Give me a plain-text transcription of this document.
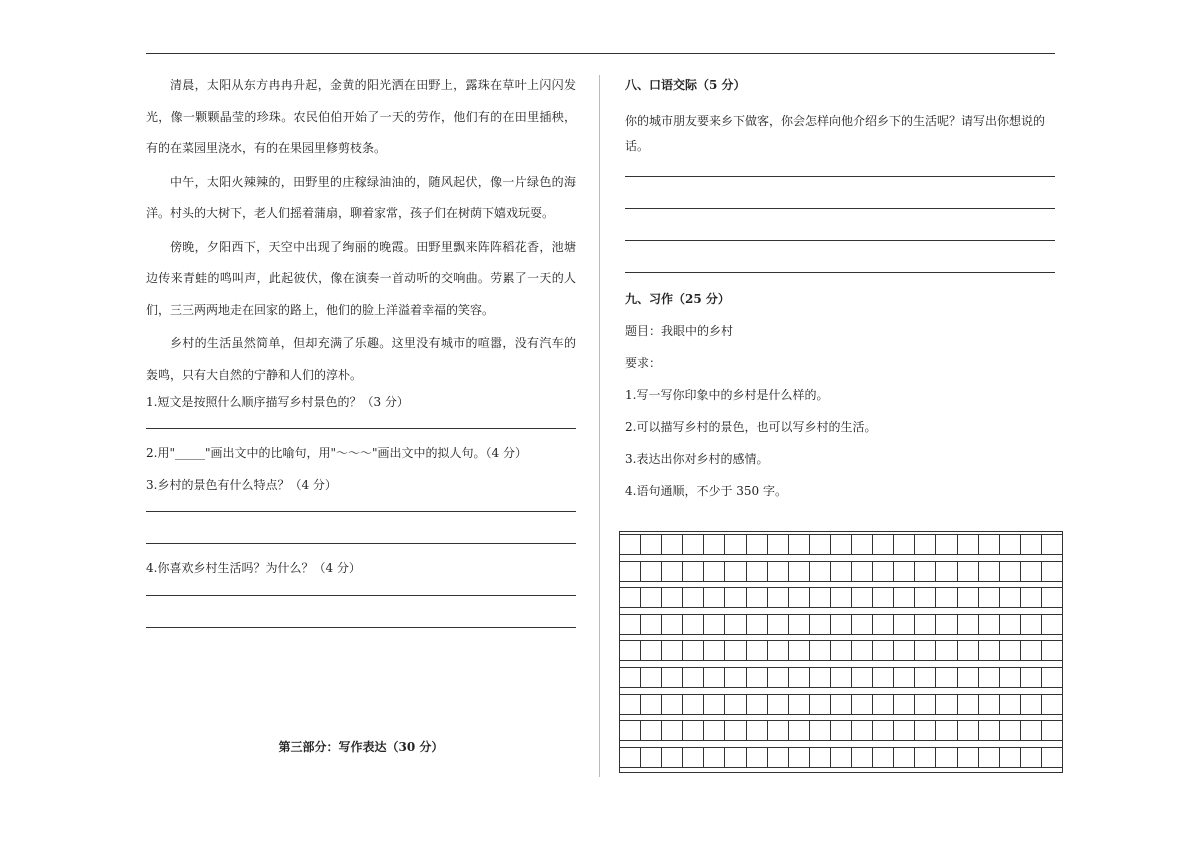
清晨，太阳从东方冉冉升起，金黄的阳光洒在田野上，露珠在草叶上闪闪发光，像一颗颗晶莹的珍珠。农民伯伯开始了一天的劳作，他们有的在田里插秧，有的在菜园里浇水，有的在果园里修剪枝条。

中午，太阳火辣辣的，田野里的庄稼绿油油的，随风起伏，像一片绿色的海洋。村头的大树下，老人们摇着蒲扇，聊着家常，孩子们在树荫下嬉戏玩耍。

傍晚，夕阳西下，天空中出现了绚丽的晚霞。田野里飘来阵阵稻花香，池塘边传来青蛙的鸣叫声，此起彼伏，像在演奏一首动听的交响曲。劳累了一天的人们，三三两两地走在回家的路上，他们的脸上洋溢着幸福的笑容。

乡村的生活虽然简单，但却充满了乐趣。这里没有城市的喧嚣，没有汽车的轰鸣，只有大自然的宁静和人们的淳朴。

1.短文是按照什么顺序描写乡村景色的？（3 分）

2.用"_____"画出文中的比喻句，用"～～～"画出文中的拟人句。（4 分）

3.乡村的景色有什么特点？（4 分）

4.你喜欢乡村生活吗？为什么？（4 分）

第三部分：写作表达（30 分）

八、口语交际（5 分）

你的城市朋友要来乡下做客，你会怎样向他介绍乡下的生活呢？请写出你想说的话。

九、习作（25 分）

题目：我眼中的乡村

要求：

1.写一写你印象中的乡村是什么样的。

2.可以描写乡村的景色，也可以写乡村的生活。

3.表达出你对乡村的感情。

4.语句通顺，不少于 350 字。
